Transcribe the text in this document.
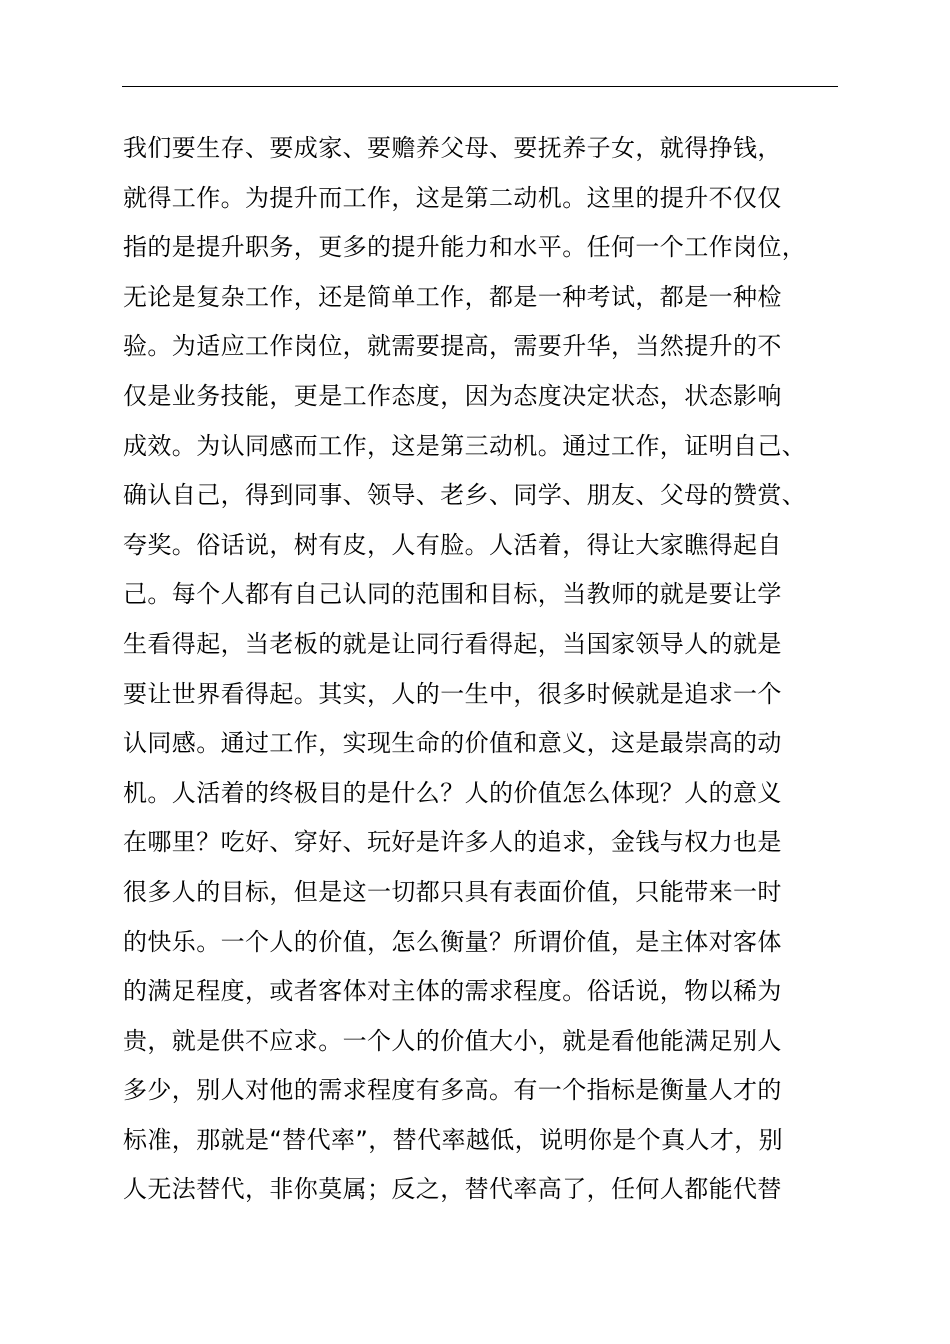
我们要生存、要成家、要赡养父母、要抚养子女，就得挣钱，
就得工作。为提升而工作，这是第二动机。这里的提升不仅仅
指的是提升职务，更多的提升能力和水平。任何一个工作岗位，
无论是复杂工作，还是简单工作，都是一种考试，都是一种检
验。为适应工作岗位，就需要提高，需要升华，当然提升的不
仅是业务技能，更是工作态度，因为态度决定状态，状态影响
成效。为认同感而工作，这是第三动机。通过工作，证明自己、
确认自己，得到同事、领导、老乡、同学、朋友、父母的赞赏、
夸奖。俗话说，树有皮，人有脸。人活着，得让大家瞧得起自
己。每个人都有自己认同的范围和目标，当教师的就是要让学
生看得起，当老板的就是让同行看得起，当国家领导人的就是
要让世界看得起。其实，人的一生中，很多时候就是追求一个
认同感。通过工作，实现生命的价值和意义，这是最崇高的动
机。人活着的终极目的是什么？人的价值怎么体现？人的意义
在哪里？吃好、穿好、玩好是许多人的追求，金钱与权力也是
很多人的目标，但是这一切都只具有表面价值，只能带来一时
的快乐。一个人的价值，怎么衡量？所谓价值，是主体对客体
的满足程度，或者客体对主体的需求程度。俗话说，物以稀为
贵，就是供不应求。一个人的价值大小，就是看他能满足别人
多少，别人对他的需求程度有多高。有一个指标是衡量人才的
标准，那就是“替代率”，替代率越低，说明你是个真人才，别
人无法替代，非你莫属；反之，替代率高了，任何人都能代替
